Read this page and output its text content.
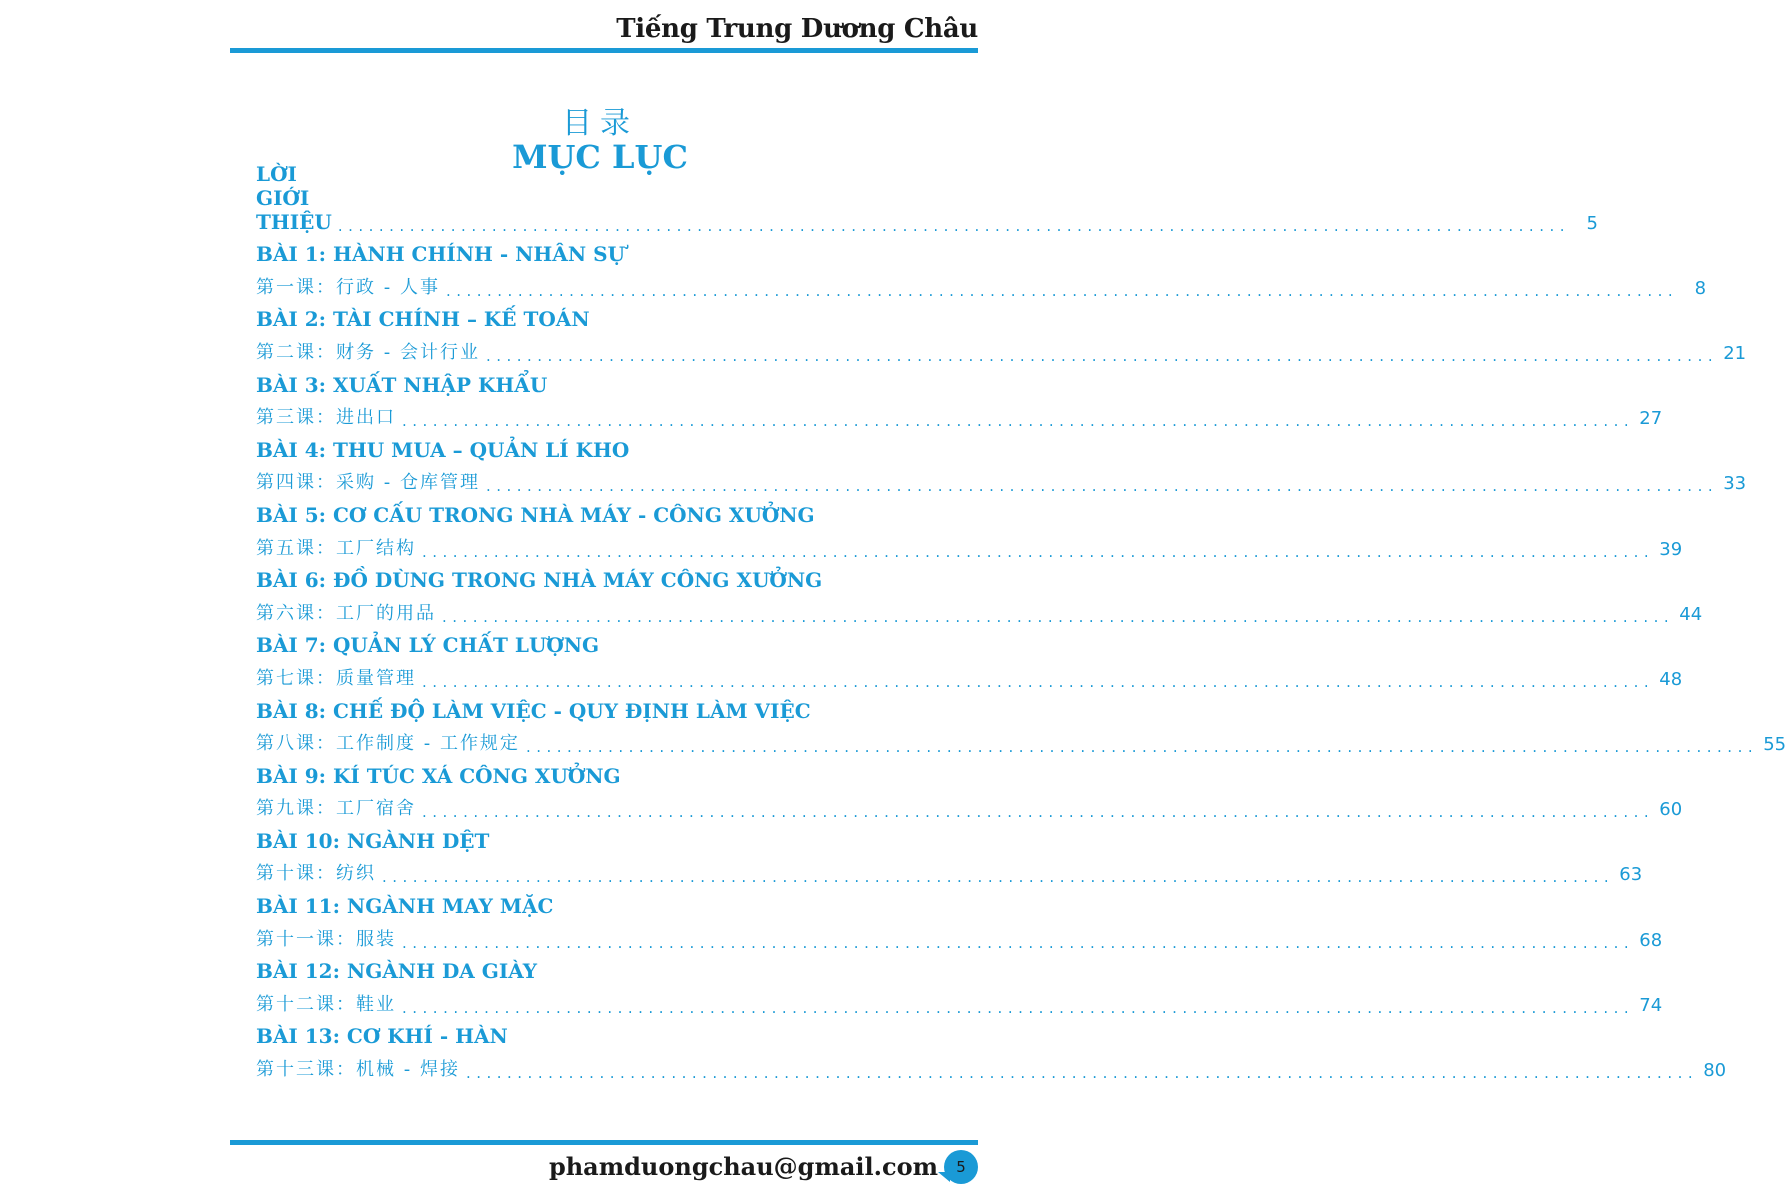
Tiếng Trung Dương Châu
目录
MỤC LỤC
LỜI GIỚI THIỆU ........................................................................................................................ 5
BÀI 1: HÀNH CHÍNH - NHÂN SỰ
第一课：行政 - 人事 ........................................................................................................................ 8
BÀI 2: TÀI CHÍNH – KẾ TOÁN
第二课：财务 - 会计行业 ........................................................................................................................ 21
BÀI 3: XUẤT NHẬP KHẨU
第三课：进出口 ........................................................................................................................ 27
BÀI 4: THU MUA – QUẢN LÍ KHO
第四课：采购 - 仓库管理 ........................................................................................................................ 33
BÀI 5: CƠ CẤU TRONG NHÀ MÁY - CÔNG XƯỞNG
第五课：工厂结构 ........................................................................................................................ 39
BÀI 6: ĐỒ DÙNG TRONG NHÀ MÁY CÔNG XƯỞNG
第六课：工厂的用品 ........................................................................................................................ 44
BÀI 7: QUẢN LÝ CHẤT LƯỢNG
第七课：质量管理 ........................................................................................................................ 48
BÀI 8: CHẾ ĐỘ LÀM VIỆC - QUY ĐỊNH LÀM VIỆC
第八课：工作制度 - 工作规定 ........................................................................................................................ 55
BÀI 9: KÍ TÚC XÁ CÔNG XƯỞNG
第九课：工厂宿舍 ........................................................................................................................ 60
BÀI 10: NGÀNH DỆT
第十课：纺织 ........................................................................................................................ 63
BÀI 11: NGÀNH MAY MẶC
第十一课：服装 ........................................................................................................................ 68
BÀI 12: NGÀNH DA GIÀY
第十二课：鞋业 ........................................................................................................................ 74
BÀI 13: CƠ KHÍ - HÀN
第十三课：机械 - 焊接 ........................................................................................................................ 80
phamduongchau@gmail.com	5
